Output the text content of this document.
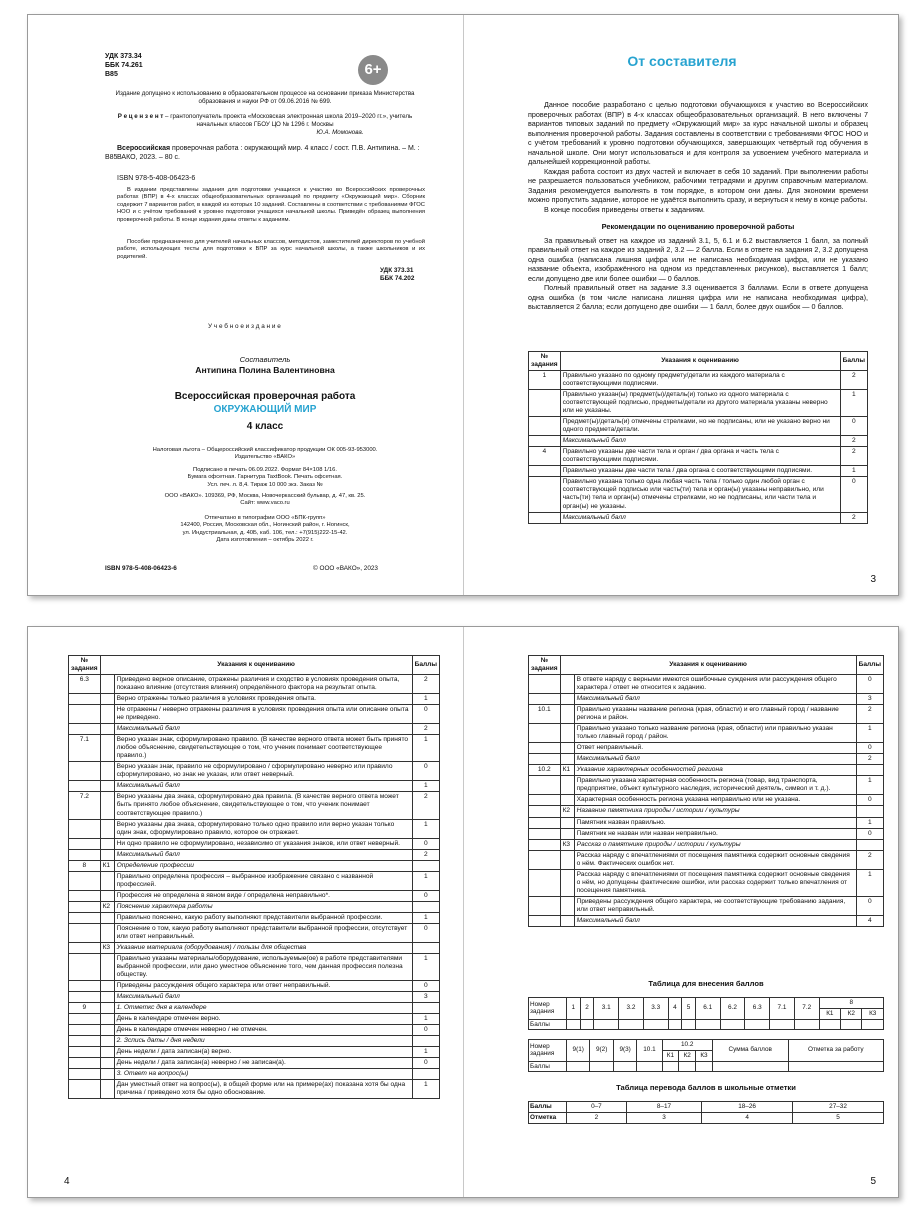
УДК 373.34
ББК 74.261
В85	6+
Издание допущено к использованию в образовательном процессе на основании приказа Министерства образования и науки РФ от 09.06.2016 № 699.
Р е ц е н з е н т – грантополучатель проекта «Московская электронная школа 2019–2020 гг.», учитель начальных классов ГБОУ ЦО № 1296 г. Москвы
Ю.А. Момонова.
Всероссийская проверочная работа : окружающий мир. 4 класс / сост. П.В. Антипина. – М. : ВАКО, 2023. – 80 с.
В85
ISBN 978-5-408-06423-6
В издании представлены задания для подготовки учащихся к участию во Всероссийских проверочных работах (ВПР) в 4-х классах общеобразовательных организаций по предмету «Окружающий мир». Сборник содержит 7 вариантов работ, в каждой из которых 10 заданий. Составлены в соответствии с требованиями ФГОС НОО и с учётом требований к уровню подготовки учащихся начальной школы. Приведён образец выполнения проверочной работы. В конце издания даны ответы к заданиям.
Пособие предназначено для учителей начальных классов, методистов, заместителей директоров по учебной работе, использующих тесты для подготовки к ВПР за курс начальной школы, а также школьников и их родителей.
УДК 373.31
ББК 74.202
У ч е б н о е и з д а н и е
Составитель
Антипина Полина Валентиновна
Всероссийская проверочная работа
ОКРУЖАЮЩИЙ МИР
4 класс
Налоговая льгота – Общероссийский классификатор продукции ОК 005-93-953000.
Издательство «ВАКО»
Подписано в печать 06.09.2022. Формат 84×108 1/16.
Бумага офсетная. Гарнитура TaxtBook. Печать офсетная.
Усл. печ. л. 8,4. Тираж 10 000 экз. Заказ №
ООО «ВАКО». 109369, РФ, Москва, Новочеркасский бульвар, д. 47, кв. 25.
Сайт: www.vaco.ru
Отпечатано в типографии ООО «БПК-групп»
142400, Россия, Московская обл., Ногинский район, г. Ногинск,
ул. Индустриальная, д. 40Б, каб. 106, тел.: +7(915)222-15-42.
Дата изготовления – октябрь 2022 г.
ISBN 978-5-408-06423-6	© ООО «ВАКО», 2023
От составителя

Данное пособие разработано с целью подготовки обучающихся к участию во Всероссийских проверочных работах (ВПР) в 4-х классах общеобразовательных организаций. В него включены 7 вариантов типовых заданий по предмету «Окружающий мир» за курс начальной школы и образец выполнения проверочной работы. Задания составлены в соответствии с требованиями ФГОС НОО и с учётом требований к уровню подготовки обучающихся, завершающих четвёртый год обучения в начальной школе. Они могут использоваться и для контроля за усвоением учебного материала и дальнейшей коррекционной работы.

Каждая работа состоит из двух частей и включает в себя 10 заданий. При выполнении работы не разрешается пользоваться учебником, рабочими тетрадями и другим справочным материалом. Задания рекомендуется выполнять в том порядке, в котором они даны. Для экономии времени можно пропустить задание, которое не удаётся выполнить сразу, и вернуться к нему в конце работы.

В конце пособия приведены ответы к заданиям.

Рекомендации по оцениванию проверочной работы

За правильный ответ на каждое из заданий 3.1, 5, 6.1 и 6.2 выставляется 1 балл, за полный правильный ответ на каждое из заданий 2, 3.2 — 2 балла. Если в ответе на задания 2, 3.2 допущена одна ошибка (написана лишняя цифра или не написана необходимая цифра, или не указано название объекта, изображённого на одном из представленных рисунков), выставляется 1 балл; если допущено две или более ошибки — 0 баллов.

Полный правильный ответ на задание 3.3 оценивается 3 баллами. Если в ответе допущена одна ошибка (в том числе написана лишняя цифра или не написана необходимая цифра), выставляется 2 балла; если допущено две ошибки — 1 балл, более двух ошибок — 0 баллов.

№ задания	Указания к оцениванию	Баллы
1	Правильно указано по одному предмету/детали из каждого материала с соответствующими подписями.	2
	Правильно указан(ы) предмет(ы)/деталь(и) только из одного материала с соответствующей подписью, предметы/детали из другого материала указаны неверно или не указаны.	1
	Предмет(ы)/деталь(и) отмечены стрелками, но не подписаны, или не указано верно ни одного предмета/детали.	0
	Максимальный балл	2
4	Правильно указаны две части тела и орган / два органа и часть тела с соответствующими подписями.	2
	Правильно указаны две части тела / два органа с соответствующими подписями.	1
	Правильно указана только одна любая часть тела / только один любой орган с соответствующей подписью или часть(ти) тела и орган(ы) указаны неправильно, или часть(ти) тела и орган(ы) отмечены стрелками, но не подписаны, или части тела и орган(ы) не указаны.	0
	Максимальный балл	2
3
№ задания	Указания к оцениванию		Баллы
6.3		Приведено верное описание, отражены различия и сходство в условиях проведения опыта, показано влияние (отсутствия влияния) определённого фактора на результат опыта.	2
		Верно отражены только различия в условиях проведения опыта.	1
		Не отражены / неверно отражены различия в условиях проведения опыта или описание опыта не приведено.	0
		Максимальный балл	2
7.1		Верно указан знак, сформулировано правило. (В качестве верного ответа может быть принято любое объяснение, свидетельствующее о том, что ученик понимает соответствующее правило.)	1
		Верно указан знак, правило не сформулировано / сформулировано неверно или правило сформулировано, но знак не указан, или ответ неверный.	0
		Максимальный балл	1
7.2		Верно указаны два знака, сформулировано два правила. (В качестве верного ответа может быть принято любое объяснение, свидетельствующее о том, что ученик понимает соответствующее правило.)	2
		Верно указаны два знака, сформулировано только одно правило или верно указан только один знак, сформулировано правило, которое он отражает.	1
		Ни одно правило не сформулировано, независимо от указания знаков, или ответ неверный.	0
		Максимальный балл	2
8	К1	Определение профессии	
		Правильно определена профессия – выбранное изображение связано с названной профессией.	1
		Профессия не определена в явном виде / определена неправильно*.	0
	К2	Пояснение характера работы	
		Правильно пояснено, какую работу выполняют представители выбранной профессии.	1
		Пояснение о том, какую работу выполняют представители выбранной профессии, отсутствует или ответ неправильный.	0
	К3	Указание материала (оборудования) / пользы для общества	
		Правильно указаны материалы/оборудование, используемые(ое) в работе представителями выбранной профессии, или дано уместное объяснение того, чем данная профессия полезна обществу.	1
		Приведены рассуждения общего характера или ответ неправильный.	0
		Максимальный балл	3
9		1. Отметкс дня в календере	
		День в календаре отмечен верно.	1
		День в календаре отмечен неверно / не отмечен.	0
		2. Зспись даты / дня недели	
		День недели / дата записан(а) верно.	1
		День недели / дата записан(а) неверно / не записан(а).	0
		3. Ответ на вопрос(ы)	
		Дан уместный ответ на вопрос(ы), в общей форме или на примере(ах) показана хотя бы одна причина / приведено хотя бы одно обоснование.	1
4
№ задания	Указания к оцениванию		Баллы
		В ответе наряду с верными имеются ошибочные суждения или рассуждения общего характера / ответ не относится к заданию.	0
		Максимальный балл	3
10.1		Правильно указаны название региона (края, области) и его главный город / название региона и район.	2
		Правильно указано только название региона (края, области) или правильно указан только главный город / район.	1
		Ответ неправильный.	0
		Максимальный балл	2
10.2	К1	Указание характерных особенностей региона	
		Правильно указана характерная особенность региона (товар, вид транспорта, предприятие, объект культурного наследия, исторический деятель, символ и т. д.).	1
		Характерная особенность региона указана неправильно или не указана.	0
	К2	Название пвмятника природы / истории / культуры	
		Памятник назван правильно.	1
		Памятник не назван или назван неправильно.	0
	К3	Рассказ о памятнике природы / истории / культуры	
		Рассказ наряду с впечатлениями от посещения памятника содержит основные сведения о нём. Фактических ошибок нет.	2
		Рассказ наряду с впечатлениями от посещения памятника содержит основные сведения о нём, но допущены фактические ошибки, или рассказ содержит только впечатления от посещения памятника.	1
		Приведены рассуждения общего характера, не соответствующие требованию задания, или ответ неправильный.	0
		Максимальный балл	4
Таблица для внесения баллов
Номер задания	1	2	3.1	3.2	3.3	4	5	6.1	6.2	6.3	7.1	7.2	8		
													К1	К2	К3
Баллы															
Номер задания	9(1)	9(2)	9(3)	10.1	10.2			Сумма баллов	Отметка за работу
					К1	К2	К3		
Баллы									
Таблица перевода баллов в школьные отметки
Баллы	0–7	8–17	18–26	27–32
Отметка	2	3	4	5
5
